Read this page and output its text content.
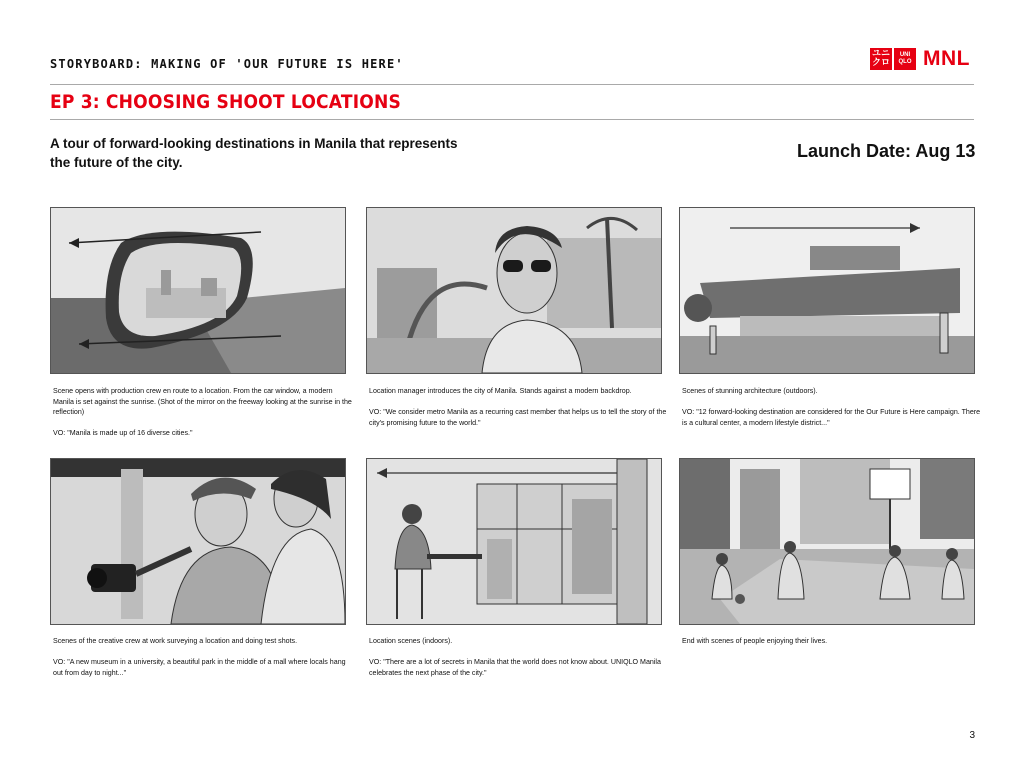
STORYBOARD: MAKING OF 'OUR FUTURE IS HERE'
ユニ
クロ
UNI
QLO MNL
EP 3: CHOOSING SHOOT LOCATIONS
A tour of forward-looking destinations in Manila that represents the future of the city.
Launch Date: Aug 13
Scene opens with production crew en route to a location. From the car window, a modern Manila is set against the sunrise. (Shot of the mirror on the freeway looking at the sunrise in the reflection)

VO: "Manila is made up of 16 diverse cities."
Location manager introduces the city of Manila. Stands against a modern backdrop.

VO: "We consider metro Manila as a recurring cast member that helps us to tell the story of the city's promising future to the world."
Scenes of stunning architecture (outdoors).

VO: "12 forward-looking destination are considered for the Our Future is Here campaign. There is a cultural center, a modern lifestyle district..."
Scenes of the creative crew at work surveying a location and doing test shots.

VO: "A new museum in a university, a beautiful park in the middle of a mall where locals hang out from day to night..."
Location scenes (indoors).

VO: "There are a lot of secrets in Manila that the world does not know about. UNIQLO Manila celebrates the next phase of the city."
End with scenes of people enjoying their lives.
3
